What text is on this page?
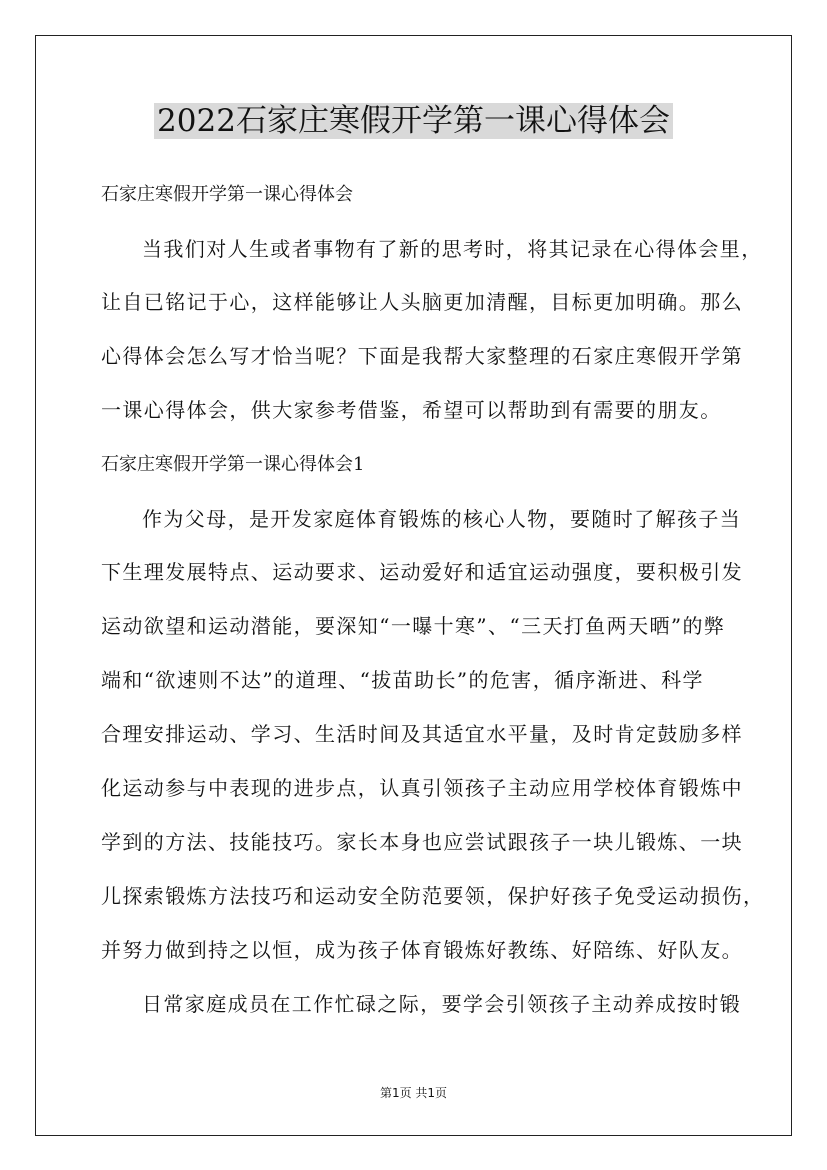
2022石家庄寒假开学第一课心得体会
石家庄寒假开学第一课心得体会
当我们对人生或者事物有了新的思考时，将其记录在心得体会里，
让自已铭记于心，这样能够让人头脑更加清醒，目标更加明确。那么
心得体会怎么写才恰当呢？下面是我帮大家整理的石家庄寒假开学第
一课心得体会，供大家参考借鉴，希望可以帮助到有需要的朋友。
石家庄寒假开学第一课心得体会1
作为父母，是开发家庭体育锻炼的核心人物，要随时了解孩子当
下生理发展特点、运动要求、运动爱好和适宜运动强度，要积极引发
运动欲望和运动潜能，要深知“一曝十寒”、“三天打鱼两天晒”的弊
端和“欲速则不达”的道理、“拔苗助长”的危害，循序渐进、科学
合理安排运动、学习、生活时间及其适宜水平量，及时肯定鼓励多样
化运动参与中表现的进步点，认真引领孩子主动应用学校体育锻炼中
学到的方法、技能技巧。家长本身也应尝试跟孩子一块儿锻炼、一块
儿探索锻炼方法技巧和运动安全防范要领，保护好孩子免受运动损伤，
并努力做到持之以恒，成为孩子体育锻炼好教练、好陪练、好队友。
日常家庭成员在工作忙碌之际，要学会引领孩子主动养成按时锻
第1页 共1页
